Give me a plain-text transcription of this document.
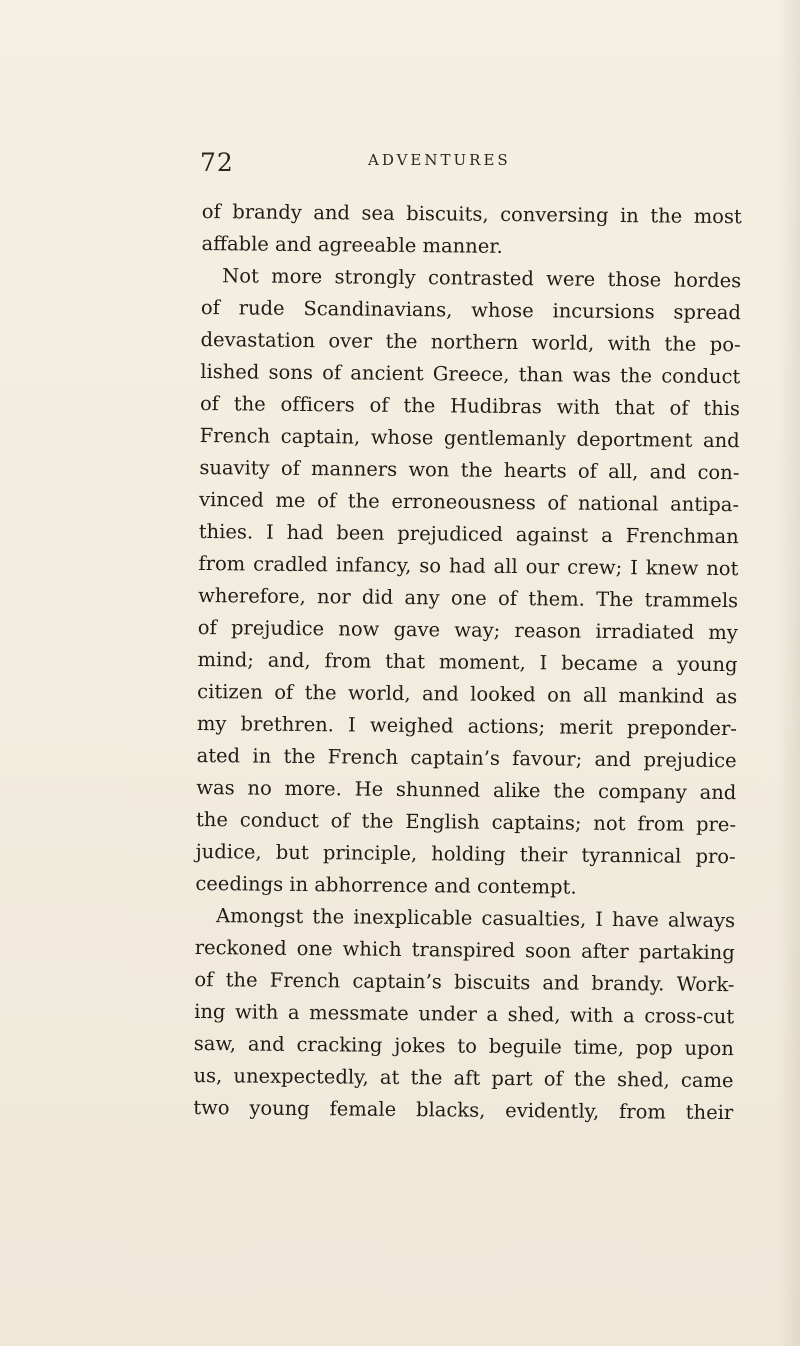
72	ADVENTURES

of brandy and sea biscuits, conversing in the most
affable and agreeable manner.

Not more strongly contrasted were those hordes
of rude Scandinavians, whose incursions spread
devastation over the northern world, with the po-
lished sons of ancient Greece, than was the conduct
of the officers of the Hudibras with that of this
French captain, whose gentlemanly deportment and
suavity of manners won the hearts of all, and con-
vinced me of the erroneousness of national antipa-
thies. I had been prejudiced against a Frenchman
from cradled infancy, so had all our crew; I knew not
wherefore, nor did any one of them. The trammels
of prejudice now gave way; reason irradiated my
mind; and, from that moment, I became a young
citizen of the world, and looked on all mankind as
my brethren. I weighed actions; merit preponder-
ated in the French captain’s favour; and prejudice
was no more. He shunned alike the company and
the conduct of the English captains; not from pre-
judice, but principle, holding their tyrannical pro-
ceedings in abhorrence and contempt.

Amongst the inexplicable casualties, I have always
reckoned one which transpired soon after partaking
of the French captain’s biscuits and brandy. Work-
ing with a messmate under a shed, with a cross-cut
saw, and cracking jokes to beguile time, pop upon
us, unexpectedly, at the aft part of the shed, came
two young female blacks, evidently, from their
